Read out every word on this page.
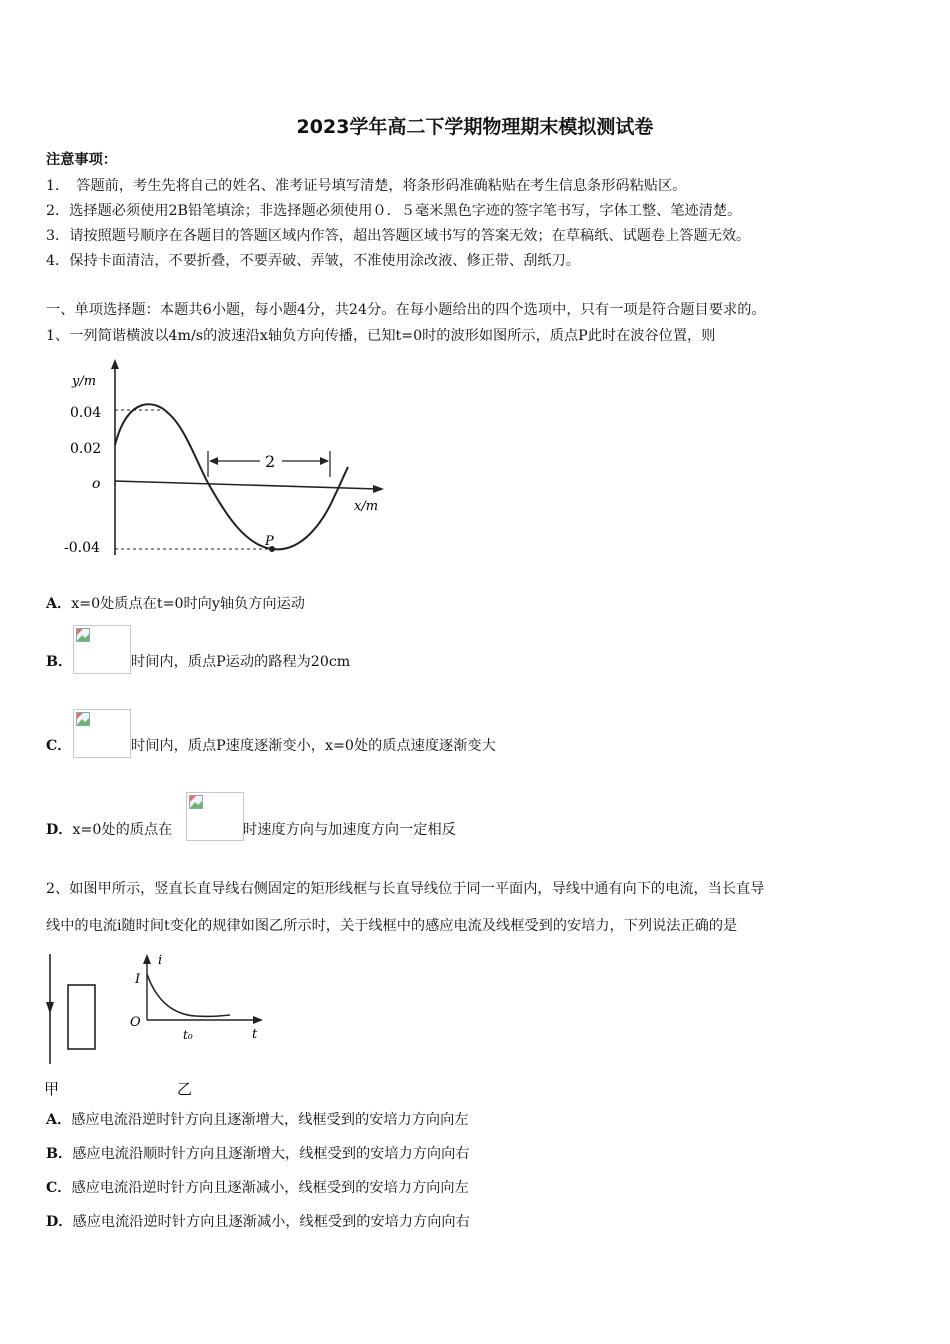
2023学年高二下学期物理期末模拟测试卷
注意事项：
1．　答题前，考生先将自己的姓名、准考证号填写清楚，将条形码准确粘贴在考生信息条形码粘贴区。
2．选择题必须使用2B铅笔填涂；非选择题必须使用０．５毫米黑色字迹的签字笔书写，字体工整、笔迹清楚。
3．请按照题号顺序在各题目的答题区域内作答，超出答题区域书写的答案无效；在草稿纸、试题卷上答题无效。
4．保持卡面清洁，不要折叠，不要弄破、弄皱，不准使用涂改液、修正带、刮纸刀。
一、单项选择题：本题共6小题，每小题4分，共24分。在每小题给出的四个选项中，只有一项是符合题目要求的。
1、一列简谐横波以4m/s的波速沿x轴负方向传播，已知t=0时的波形如图所示，质点P此时在波谷位置，则
y/m
x/m
0.04
0.02
o
-0.04
2
P
A．x=0处质点在t=0时向y轴负方向运动
B．	时间内，质点P运动的路程为20cm
C．	时间内，质点P速度逐渐变小，x=0处的质点速度逐渐变大
D．x=0处的质点在	时速度方向与加速度方向一定相反
2、如图甲所示，竖直长直导线右侧固定的矩形线框与长直导线位于同一平面内，导线中通有向下的电流，当长直导
线中的电流i随时间t变化的规律如图乙所示时，关于线框中的感应电流及线框受到的安培力，下列说法正确的是
甲
i
I
O
t₀	t
乙
A．感应电流沿逆时针方向且逐渐增大，线框受到的安培力方向向左
B．感应电流沿顺时针方向且逐渐增大，线框受到的安培力方向向右
C．感应电流沿逆时针方向且逐渐减小，线框受到的安培力方向向左
D．感应电流沿逆时针方向且逐渐减小，线框受到的安培力方向向右
